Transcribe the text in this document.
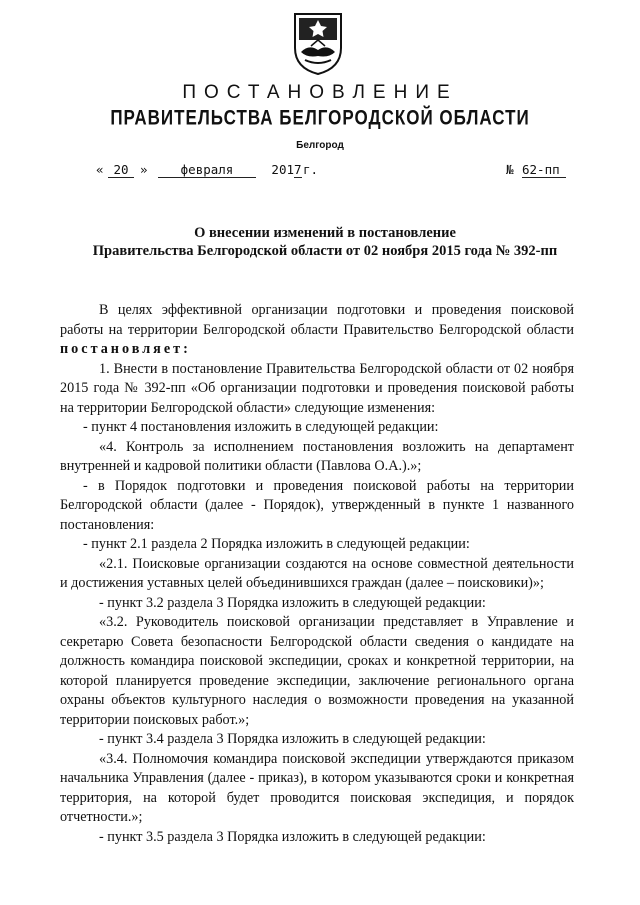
ПОСТАНОВЛЕНИЕ
ПРАВИТЕЛЬСТВА БЕЛГОРОДСКОЙ ОБЛАСТИ
Белгород
« 20 »	февраля	201 7 г.	№ 62-пп
О внесении изменений в постановление
Правительства Белгородской области от 02 ноября 2015 года № 392-пп

В целях эффективной организации подготовки и проведения поисковой работы на территории Белгородской области Правительство Белгородской области постановляет:

1. Внести в постановление Правительства Белгородской области от 02 ноября 2015 года № 392-пп «Об организации подготовки и проведения поисковой работы на территории Белгородской области» следующие изменения:

- пункт 4 постановления изложить в следующей редакции:

«4. Контроль за исполнением постановления возложить на департамент внутренней и кадровой политики области (Павлова О.А.).»;

- в Порядок подготовки и проведения поисковой работы на территории Белгородской области (далее - Порядок), утвержденный в пункте 1 названного постановления:

- пункт 2.1 раздела 2 Порядка изложить в следующей редакции:

«2.1. Поисковые организации создаются на основе совместной деятельности и достижения уставных целей объединившихся граждан (далее – поисковики)»;

- пункт 3.2 раздела 3 Порядка изложить в следующей редакции:

«3.2. Руководитель поисковой организации представляет в Управление и секретарю Совета безопасности Белгородской области сведения о кандидате на должность командира поисковой экспедиции, сроках и конкретной территории, на которой планируется проведение экспедиции, заключение регионального органа охраны объектов культурного наследия о возможности проведения на указанной территории поисковых работ.»;

- пункт 3.4 раздела 3 Порядка изложить в следующей редакции:

«3.4. Полномочия командира поисковой экспедиции утверждаются приказом начальника Управления (далее - приказ), в котором указываются сроки и конкретная территория, на которой будет проводится поисковая экспедиция, и порядок отчетности.»;

- пункт 3.5 раздела 3 Порядка изложить в следующей редакции:
